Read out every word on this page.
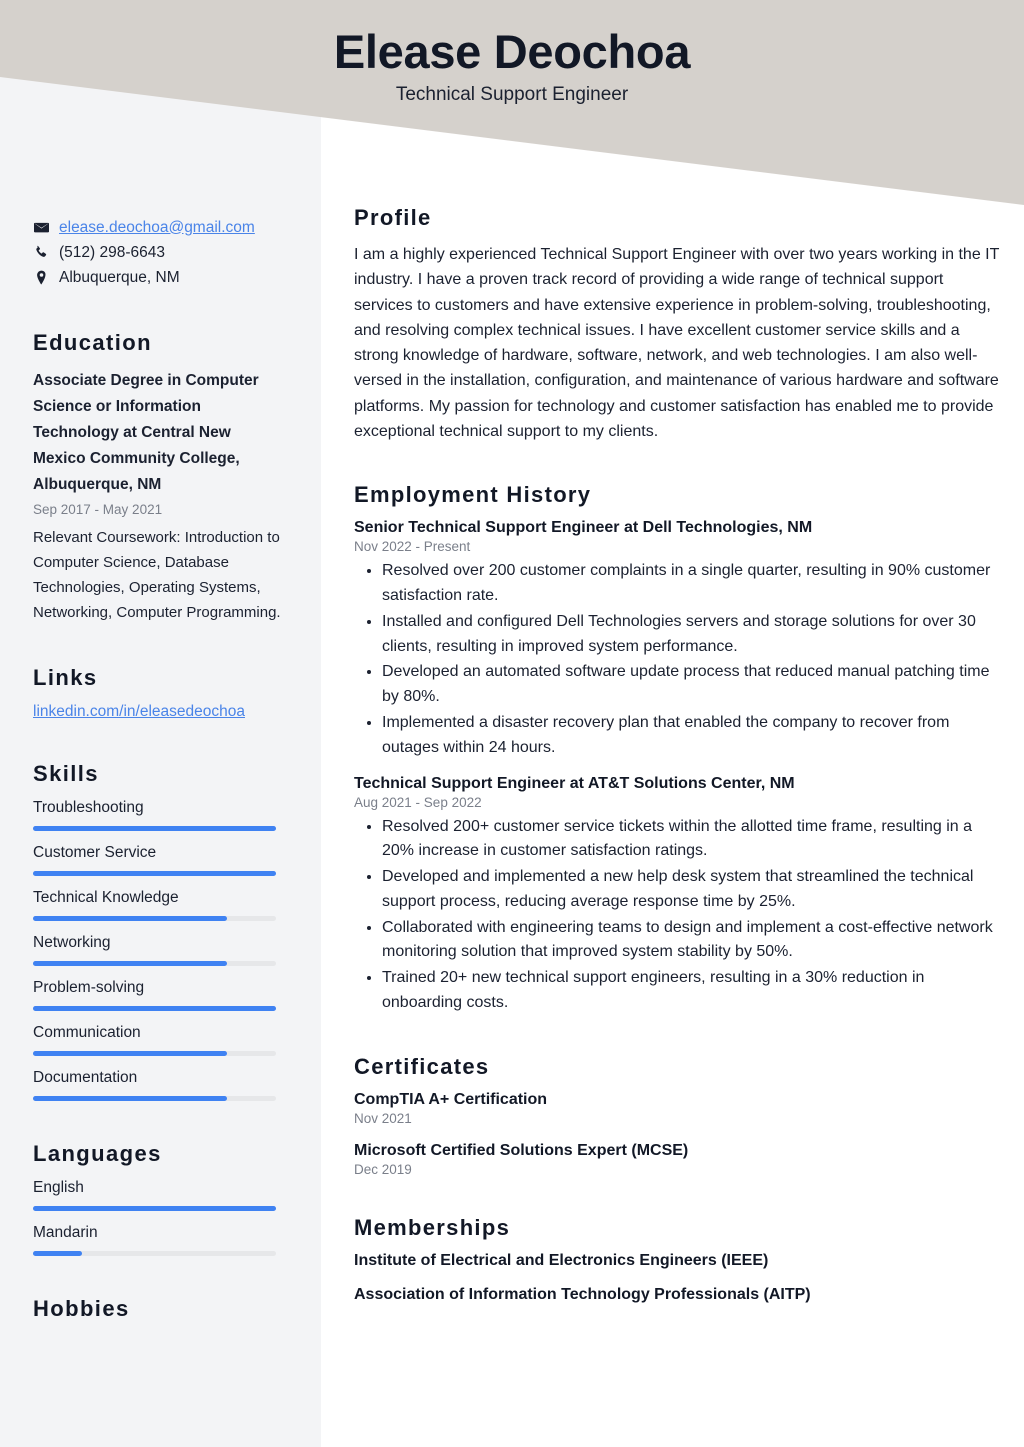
Elease Deochoa
Technical Support Engineer
elease.deochoa@gmail.com
(512) 298-6643
Albuquerque, NM
Education
Associate Degree in Computer Science or Information Technology at Central New Mexico Community College, Albuquerque, NM
Sep 2017 - May 2021
Relevant Coursework: Introduction to Computer Science, Database Technologies, Operating Systems, Networking, Computer Programming.
Links
linkedin.com/in/eleasedeochoa
Skills
Troubleshooting
Customer Service
Technical Knowledge
Networking
Problem-solving
Communication
Documentation
Languages
English
Mandarin
Hobbies
Profile
I am a highly experienced Technical Support Engineer with over two years working in the IT industry. I have a proven track record of providing a wide range of technical support services to customers and have extensive experience in problem-solving, troubleshooting, and resolving complex technical issues. I have excellent customer service skills and a strong knowledge of hardware, software, network, and web technologies. I am also well-versed in the installation, configuration, and maintenance of various hardware and software platforms. My passion for technology and customer satisfaction has enabled me to provide exceptional technical support to my clients.
Employment History
Senior Technical Support Engineer at Dell Technologies, NM
Nov 2022 - Present
• Resolved over 200 customer complaints in a single quarter, resulting in 90% customer satisfaction rate.
• Installed and configured Dell Technologies servers and storage solutions for over 30 clients, resulting in improved system performance.
• Developed an automated software update process that reduced manual patching time by 80%.
• Implemented a disaster recovery plan that enabled the company to recover from outages within 24 hours.
Technical Support Engineer at AT&T Solutions Center, NM
Aug 2021 - Sep 2022
• Resolved 200+ customer service tickets within the allotted time frame, resulting in a 20% increase in customer satisfaction ratings.
• Developed and implemented a new help desk system that streamlined the technical support process, reducing average response time by 25%.
• Collaborated with engineering teams to design and implement a cost-effective network monitoring solution that improved system stability by 50%.
• Trained 20+ new technical support engineers, resulting in a 30% reduction in onboarding costs.
Certificates
CompTIA A+ Certification
Nov 2021
Microsoft Certified Solutions Expert (MCSE)
Dec 2019
Memberships
Institute of Electrical and Electronics Engineers (IEEE)
Association of Information Technology Professionals (AITP)
